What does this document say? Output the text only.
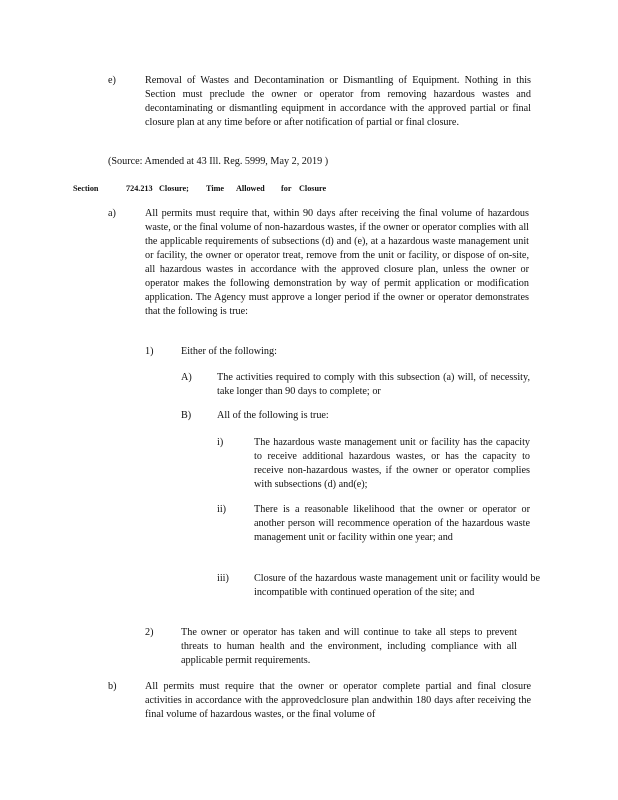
e)	Removal of Wastes and Decontamination or Dismantling of Equipment. Nothing in this Section must preclude the owner or operator from removing hazardous wastes and decontaminating or dismantling equipment in accordance with the approved partial or final closure plan at any time before or after notification of partial or final closure.
(Source: Amended at 43 Ill. Reg. 5999, May 2, 2019 )
Section	724.213 Closure; Time Allowed for Closure
a)	All permits must require that, within 90 days after receiving the final volume of hazardous waste, or the final volume of non-hazardous wastes, if the owner or operator complies with all the applicable requirements of subsections (d) and (e), at a hazardous waste management unit or facility, the owner or operator treat, remove from the unit or facility, or dispose of on-site, all hazardous wastes in accordance with the approved closure plan, unless the owner or operator makes the following demonstration by way of permit application or modification application. The Agency must approve a longer period if the owner or operator demonstrates that the following is true:
1)	Either of the following:
A) The activities required to comply with this subsection (a) will, of necessity, take longer than 90 days to complete; or
B)	All of the following is true:
i)	The hazardous waste management unit or facility has the capacity to receive additional hazardous wastes, or has the capacity to receive non-hazardous wastes, if the owner or operator complies with subsections (d) and(e);
ii)	There is a reasonable likelihood that the owner or operator or another person will recommence operation of the hazardous waste management unit or facility within one year; and
iii) Closure of the hazardous waste management unit or facility would be incompatible with continued operation of the site; and
2)	The owner or operator has taken and will continue to take all steps to prevent threats to human health and the environment, including compliance with all applicable permit requirements.
b)	All permits must require that the owner or operator complete partial and final closure activities in accordance with the approvedclosure plan andwithin 180 days after receiving the final volume of hazardous wastes, or the final volume of
